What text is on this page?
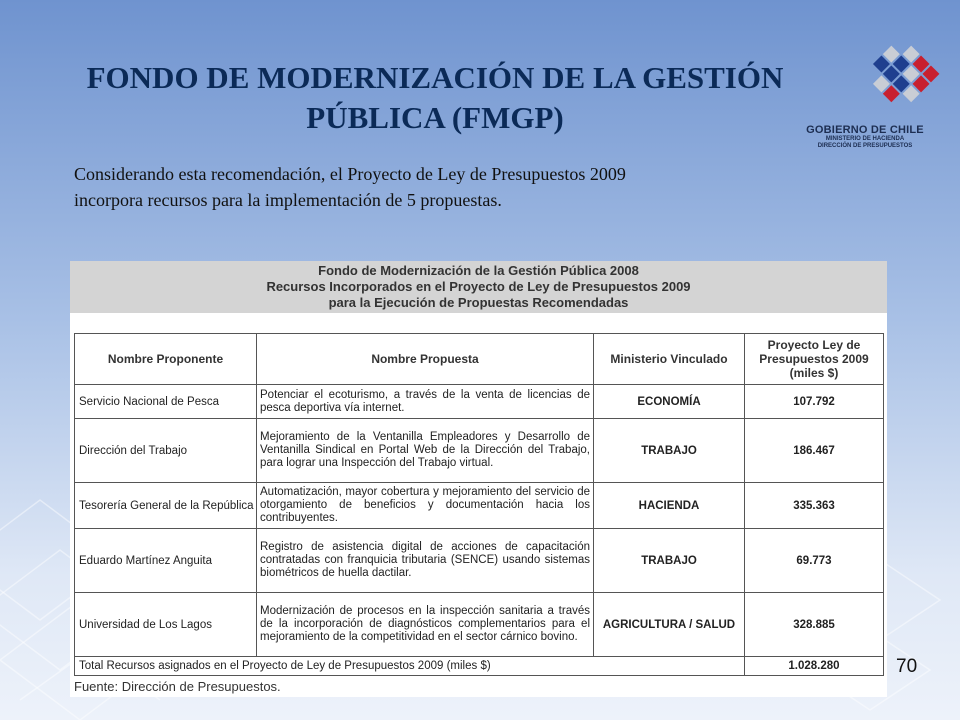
FONDO DE MODERNIZACIÓN DE LA GESTIÓN
PÚBLICA (FMGP)	GOBIERNO DE CHILE
MINISTERIO DE HACIENDA
DIRECCIÓN DE PRESUPUESTOS
Considerando esta recomendación, el Proyecto de Ley de Presupuestos 2009
incorpora recursos para la implementación de 5 propuestas.
Fondo de Modernización de la Gestión Pública 2008
Recursos Incorporados en el Proyecto de Ley de Presupuestos 2009
para la Ejecución de Propuestas Recomendadas
Nombre Proponente	Nombre Propuesta	Ministerio Vinculado	Proyecto Ley de Presupuestos 2009 (miles $)
Servicio Nacional de Pesca	Potenciar el ecoturismo, a través de la venta de licencias de pesca deportiva vía internet.	ECONOMÍA	107.792
Dirección del Trabajo	Mejoramiento de la Ventanilla Empleadores y Desarrollo de Ventanilla Sindical en Portal Web de la Dirección del Trabajo, para lograr una Inspección del Trabajo virtual.	TRABAJO	186.467
Tesorería General de la República	Automatización, mayor cobertura y mejoramiento del servicio de otorgamiento de beneficios y documentación hacia los contribuyentes.	HACIENDA	335.363
Eduardo Martínez Anguita	Registro de asistencia digital de acciones de capacitación contratadas con franquicia tributaria (SENCE) usando sistemas biométricos de huella dactilar.	TRABAJO	69.773
Universidad de Los Lagos	Modernización de procesos en la inspección sanitaria a través de la incorporación de diagnósticos complementarios para el mejoramiento de la competitividad en el sector cárnico bovino.	AGRICULTURA / SALUD	328.885
Total Recursos asignados en el Proyecto de Ley de Presupuestos 2009 (miles $)			1.028.280
Fuente: Dirección de Presupuestos.
70
